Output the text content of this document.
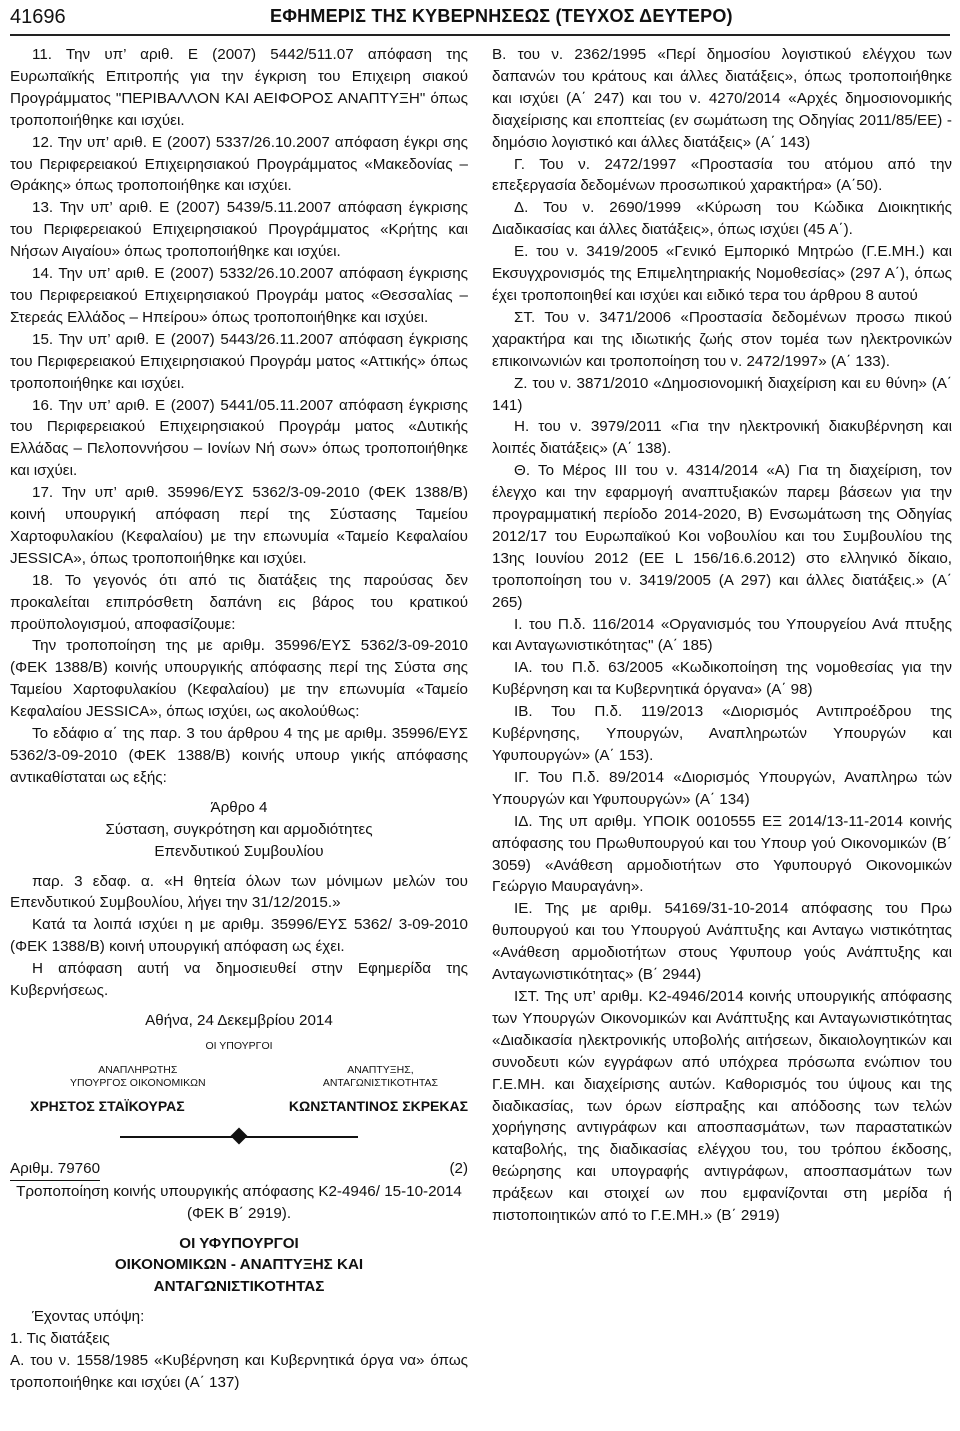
41696	ΕΦΗΜΕΡΙΣ ΤΗΣ ΚΥΒΕΡΝΗΣΕΩΣ (ΤΕΥΧΟΣ ΔΕΥΤΕΡΟ)

11. Την υπ’ αριθ. Ε (2007) 5442/511.07 απόφαση της Ευρωπαϊκής Επιτροπής για την έγκριση του Επιχειρη σιακού Προγράμματος "ΠΕΡΙΒΑΛΛΟΝ ΚΑΙ ΑΕΙΦΟΡΟΣ ΑΝΑΠΤΥΞΗ" όπως τροποποιήθηκε και ισχύει.

12. Την υπ’ αριθ. Ε (2007) 5337/26.10.2007 απόφαση έγκρι σης του Περιφερειακού Επιχειρησιακού Προγράμματος «Μακεδονίας – Θράκης» όπως τροποποιήθηκε και ισχύει.

13. Την υπ’ αριθ. Ε (2007) 5439/5.11.2007 απόφαση έγκρισης του Περιφερειακού Επιχειρησιακού Προγράμματος «Κρήτης και Νήσων Αιγαίου» όπως τροποποιήθηκε και ισχύει.

14. Την υπ’ αριθ. Ε (2007) 5332/26.10.2007 απόφαση έγκρισης του Περιφερειακού Επιχειρησιακού Προγράμ ματος «Θεσσαλίας – Στερεάς Ελλάδος – Ηπείρου» όπως τροποποιήθηκε και ισχύει.

15. Την υπ’ αριθ. Ε (2007) 5443/26.11.2007 απόφαση έγκρισης του Περιφερειακού Επιχειρησιακού Προγράμ ματος «Αττικής» όπως τροποποιήθηκε και ισχύει.

16. Την υπ’ αριθ. Ε (2007) 5441/05.11.2007 απόφαση έγκρισης του Περιφερειακού Επιχειρησιακού Προγράμ ματος «Δυτικής Ελλάδας – Πελοποννήσου – Ιονίων Νή σων» όπως τροποποιήθηκε και ισχύει.

17. Την υπ’ αριθ. 35996/ΕΥΣ 5362/3-09-2010 (ΦΕΚ 1388/Β) κοινή υπουργική απόφαση περί της Σύστασης Ταμείου Χαρτοφυλακίου (Κεφαλαίου) με την επωνυμία «Ταμείο Κεφαλαίου JESSICA», όπως τροποποιήθηκε και ισχύει.

18. Το γεγονός ότι από τις διατάξεις της παρούσας δεν προκαλείται επιπρόσθετη δαπάνη εις βάρος του κρατικού προϋπολογισμού, αποφασίζουμε:

Την τροποποίηση της με αριθμ. 35996/ΕΥΣ 5362/3-09-2010 (ΦΕΚ 1388/Β) κοινής υπουργικής απόφασης περί της Σύστα σης Ταμείου Χαρτοφυλακίου (Κεφαλαίου) με την επωνυμία «Ταμείο Κεφαλαίου JESSICA», όπως ισχύει, ως ακολούθως:

Το εδάφιο α΄ της παρ. 3 του άρθρου 4 της με αριθμ. 35996/ΕΥΣ 5362/3-09-2010 (ΦΕΚ 1388/Β) κοινής υπουρ γικής απόφασης αντικαθίσταται ως εξής:

Άρθρο 4

Σύσταση, συγκρότηση και αρμοδιότητες

Επενδυτικού Συμβουλίου

παρ. 3 εδαφ. α. «Η θητεία όλων των μόνιμων μελών του Επενδυτικού Συμβουλίου, λήγει την 31/12/2015.»

Κατά τα λοιπά ισχύει η με αριθμ. 35996/ΕΥΣ 5362/ 3-09-2010 (ΦΕΚ 1388/Β) κοινή υπουργική απόφαση ως έχει.

Η απόφαση αυτή να δημοσιευθεί στην Εφημερίδα της Κυβερνήσεως.

Αθήνα, 24 Δεκεμβρίου 2014

ΟΙ ΥΠΟΥΡΓΟΙ

ΑΝΑΠΛΗΡΩΤΗΣ
ΥΠΟΥΡΓΟΣ ΟΙΚΟΝΟΜΙΚΩΝ
ΑΝΑΠΤΥΞΗΣ,
ΑΝΤΑΓΩΝΙΣΤΙΚΟΤΗΤΑΣ
ΧΡΗΣΤΟΣ ΣΤΑΪΚΟΥΡΑΣ	ΚΩΝΣΤΑΝΤΙΝΟΣ ΣΚΡΕΚΑΣ
Αριθμ. 79760	(2)

Τροποποίηση κοινής υπουργικής απόφασης Κ2-4946/ 15-10-2014 (ΦΕΚ Β΄ 2919).

ΟΙ ΥΦΥΠΟΥΡΓΟΙ

ΟΙΚΟΝΟΜΙΚΩΝ - ΑΝΑΠΤΥΞΗΣ ΚΑΙ

ΑΝΤΑΓΩΝΙΣΤΙΚΟΤΗΤΑΣ

Έχοντας υπόψη:

1. Τις διατάξεις

Α. του ν. 1558/1985 «Κυβέρνηση και Κυβερνητικά όργα να» όπως τροποποιήθηκε και ισχύει (Α΄ 137)

Β. του ν. 2362/1995 «Περί δημοσίου λογιστικού ελέγχου των δαπανών του κράτους και άλλες διατάξεις», όπως τροποποιήθηκε και ισχύει (Α΄ 247) και του ν. 4270/2014 «Αρχές δημοσιονομικής διαχείρισης και εποπτείας (εν σωμάτωση της Οδηγίας 2011/85/ΕΕ) - δημόσιο λογιστικό και άλλες διατάξεις» (Α΄ 143)

Γ. Του ν. 2472/1997 «Προστασία του ατόμου από την επεξεργασία δεδομένων προσωπικού χαρακτήρα» (Α΄50).

Δ. Του ν. 2690/1999 «Κύρωση του Κώδικα Διοικητικής Διαδικασίας και άλλες διατάξεις», όπως ισχύει (45 Α΄).

Ε. του ν. 3419/2005 «Γενικό Εμπορικό Μητρώο (Γ.Ε.ΜΗ.) και Εκσυγχρονισμός της Επιμελητηριακής Νομοθεσίας» (297 Α΄), όπως έχει τροποποιηθεί και ισχύει και ειδικό τερα του άρθρου 8 αυτού

ΣΤ. Του ν. 3471/2006 «Προστασία δεδομένων προσω πικού χαρακτήρα και της ιδιωτικής ζωής στον τομέα των ηλεκτρονικών επικοινωνιών και τροποποίηση του ν. 2472/1997» (Α΄ 133).

Ζ. του ν. 3871/2010 «Δημοσιονομική διαχείριση και ευ θύνη» (Α΄ 141)

Η. του ν. 3979/2011 «Για την ηλεκτρονική διακυβέρνηση και λοιπές διατάξεις» (Α΄ 138).

Θ. Το Μέρος ΙΙΙ του ν. 4314/2014 «Α) Για τη διαχείριση, τον έλεγχο και την εφαρμογή αναπτυξιακών παρεμ βάσεων για την προγραμματική περίοδο 2014-2020, Β) Ενσωμάτωση της Οδηγίας 2012/17 του Ευρωπαϊκού Κοι νοβουλίου και του Συμβουλίου της 13ης Ιουνίου 2012 (ΕΕ L 156/16.6.2012) στο ελληνικό δίκαιο, τροποποίηση του ν. 3419/2005 (Α 297) και άλλες διατάξεις.» (Α΄ 265)

Ι. του Π.δ. 116/2014 «Οργανισμός του Υπουργείου Ανά πτυξης και Ανταγωνιστικότητας" (Α΄ 185)

ΙΑ. του Π.δ. 63/2005 «Κωδικοποίηση της νομοθεσίας για την Κυβέρνηση και τα Κυβερνητικά όργανα» (Α΄ 98)

ΙΒ. Του Π.δ. 119/2013 «Διορισμός Αντιπροέδρου της Κυβέρνησης, Υπουργών, Αναπληρωτών Υπουργών και Υφυπουργών» (Α΄ 153).

ΙΓ. Του Π.δ. 89/2014 «Διορισμός Υπουργών, Αναπληρω τών Υπουργών και Υφυπουργών» (Α΄ 134)

ΙΔ. Της υπ αριθμ. ΥΠΟΙΚ 0010555 ΕΞ 2014/13-11-2014 κοινής απόφασης του Πρωθυπουργού και του Υπουρ γού Οικονομικών (Β΄ 3059) «Ανάθεση αρμοδιοτήτων στο Υφυπουργό Οικονομικών Γεώργιο Μαυραγάνη».

ΙΕ. Της με αριθμ. 54169/31-10-2014 απόφασης του Πρω θυπουργού και του Υπουργού Ανάπτυξης και Ανταγω νιστικότητας «Ανάθεση αρμοδιοτήτων στους Υφυπουρ γούς Ανάπτυξης και Ανταγωνιστικότητας» (Β΄ 2944)

ΙΣΤ. Της υπ’ αριθμ. Κ2-4946/2014 κοινής υπουργικής απόφασης των Υπουργών Οικονομικών και Ανάπτυξης και Ανταγωνιστικότητας «Διαδικασία ηλεκτρονικής υποβολής αιτήσεων, δικαιολογητικών και συνοδευτι κών εγγράφων από υπόχρεα πρόσωπα ενώπιον του Γ.Ε.ΜΗ. και διαχείρισης αυτών. Καθορισμός του ύψους και της διαδικασίας, των όρων είσπραξης και απόδοσης των τελών χορήγησης αντιγράφων και αποσπασμάτων, των παραστατικών καταβολής, της διαδικασίας ελέγχου του, του τρόπου έκδοσης, θεώρησης και υπογραφής αντιγράφων, αποσπασμάτων των πράξεων και στοιχεί ων που εμφανίζονται στη μερίδα ή πιστοποιητικών από το Γ.Ε.ΜΗ.» (Β΄ 2919)
